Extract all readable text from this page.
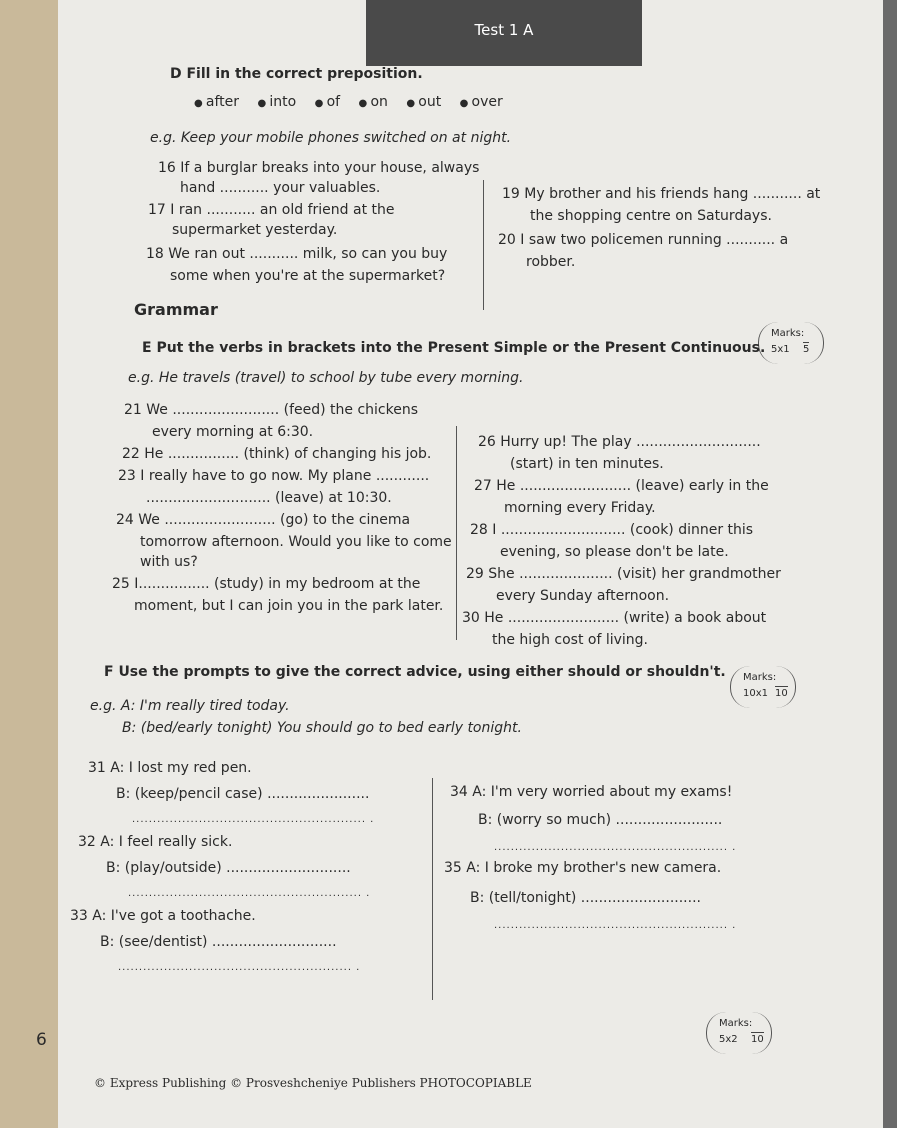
Test 1 A
D Fill in the correct preposition.
● after ● into ● of ● on ● out ● over
e.g. Keep your mobile phones switched on at night.
16 If a burglar breaks into your house, always
hand ........... your valuables.
17 I ran ........... an old friend at the
supermarket yesterday.
18 We ran out ........... milk, so can you buy
some when you're at the supermarket?
19 My brother and his friends hang ........... at
the shopping centre on Saturdays.
20 I saw two policemen running ........... a
robber.
Grammar
Marks:
5x1 5
E Put the verbs in brackets into the Present Simple or the Present Continuous.
e.g. He travels (travel) to school by tube every morning.
21 We ........................ (feed) the chickens
every morning at 6:30.
22 He ................ (think) of changing his job.
23 I really have to go now. My plane ............
............................ (leave) at 10:30.
24 We ......................... (go) to the cinema
tomorrow afternoon. Would you like to come
with us?
25 I................ (study) in my bedroom at the
moment, but I can join you in the park later.
26 Hurry up! The play ............................
(start) in ten minutes.
27 He ......................... (leave) early in the
morning every Friday.
28 I ............................ (cook) dinner this
evening, so please don't be late.
29 She ..................... (visit) her grandmother
every Sunday afternoon.
30 He ......................... (write) a book about
the high cost of living.
Marks:
10x1 10
F Use the prompts to give the correct advice, using either should or shouldn't.
e.g. A: I'm really tired today.
B: (bed/early tonight) You should go to bed early tonight.
31 A: I lost my red pen.
B: (keep/pencil case) .......................
........................................................ .
32 A: I feel really sick.
B: (play/outside) ............................
........................................................ .
33 A: I've got a toothache.
B: (see/dentist) ............................
........................................................ .
34 A: I'm very worried about my exams!
B: (worry so much) ........................
........................................................ .
35 A: I broke my brother's new camera.
B: (tell/tonight) ...........................
........................................................ .
Marks:
5x2 10
6
© Express Publishing © Prosveshcheniye Publishers PHOTOCOPIABLE
